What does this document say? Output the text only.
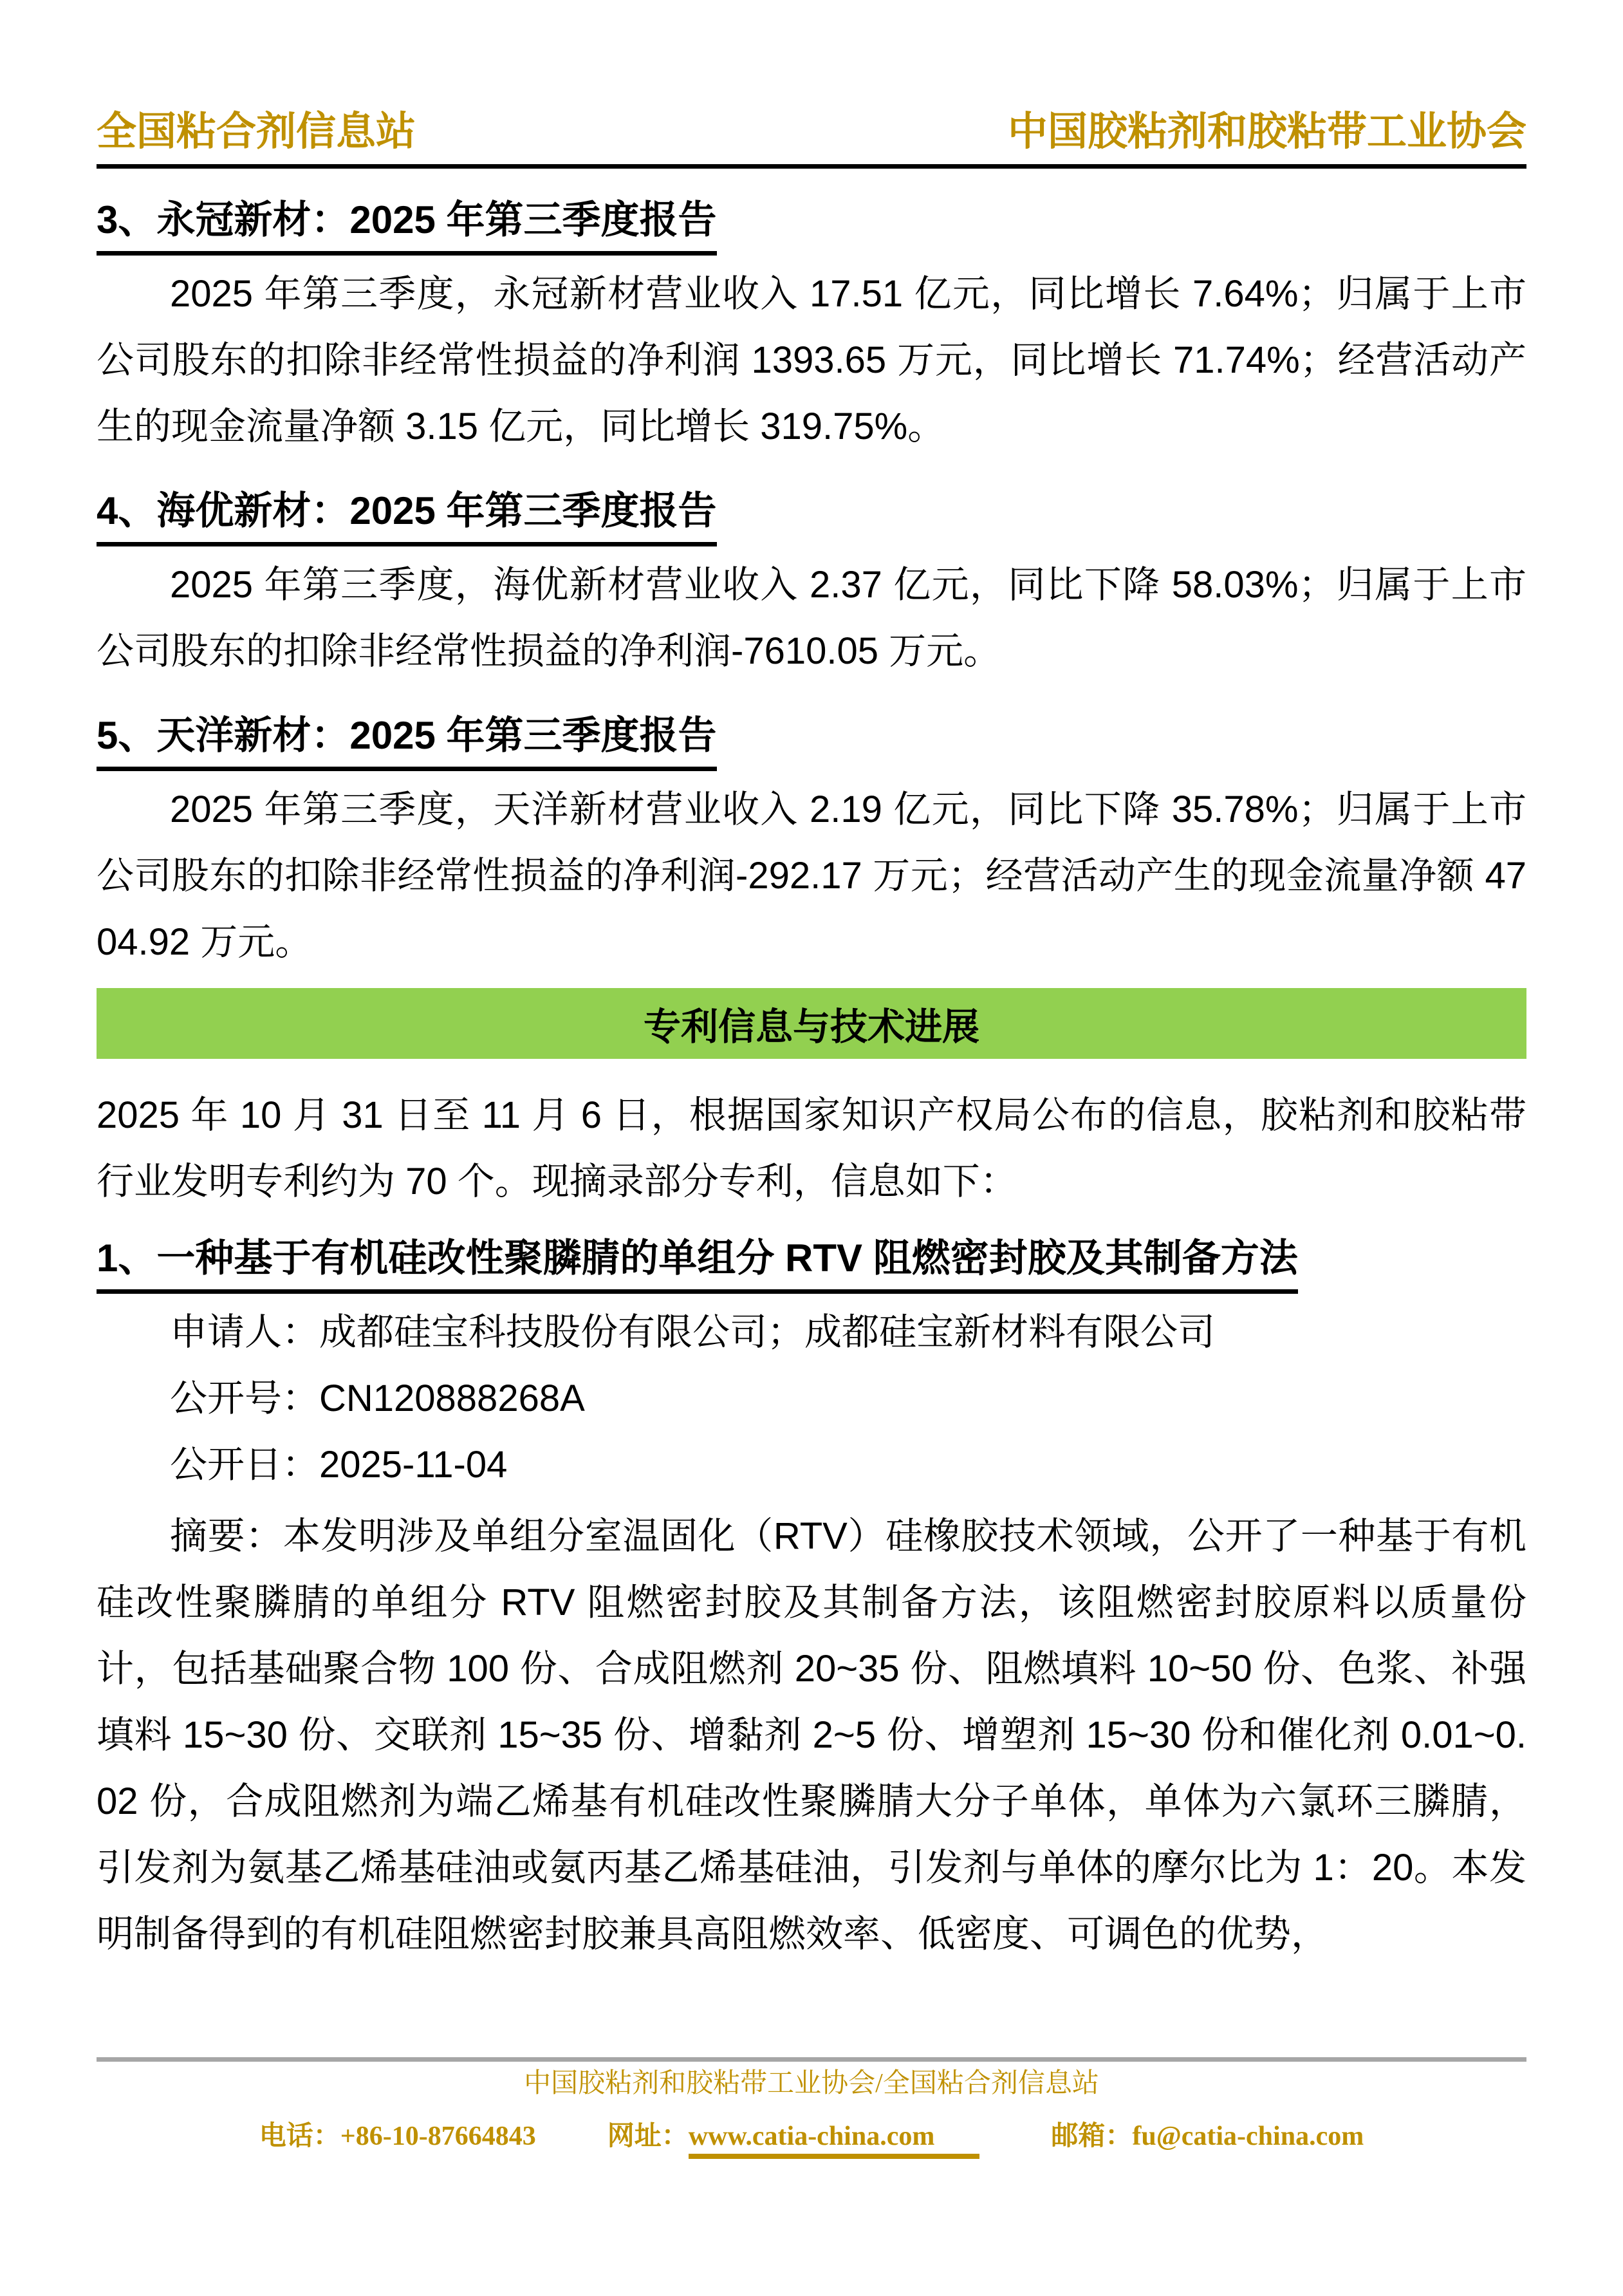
全国粘合剂信息站	中国胶粘剂和胶粘带工业协会
3、永冠新材：2025 年第三季度报告

2025 年第三季度，永冠新材营业收入 17.51 亿元，同比增长 7.64%；归属于上市公司股东的扣除非经常性损益的净利润 1393.65 万元，同比增长 71.74%；经营活动产生的现金流量净额 3.15 亿元，同比增长 319.75%。

4、海优新材：2025 年第三季度报告

2025 年第三季度，海优新材营业收入 2.37 亿元，同比下降 58.03%；归属于上市公司股东的扣除非经常性损益的净利润-7610.05 万元。

5、天洋新材：2025 年第三季度报告

2025 年第三季度，天洋新材营业收入 2.19 亿元，同比下降 35.78%；归属于上市公司股东的扣除非经常性损益的净利润-292.17 万元；经营活动产生的现金流量净额 4704.92 万元。

专利信息与技术进展

2025 年 10 月 31 日至 11 月 6 日，根据国家知识产权局公布的信息，胶粘剂和胶粘带行业发明专利约为 70 个。现摘录部分专利，信息如下：

1、一种基于有机硅改性聚膦腈的单组分 RTV 阻燃密封胶及其制备方法

申请人：成都硅宝科技股份有限公司；成都硅宝新材料有限公司

公开号：CN120888268A

公开日：2025-11-04

摘要：本发明涉及单组分室温固化（RTV）硅橡胶技术领域，公开了一种基于有机硅改性聚膦腈的单组分 RTV 阻燃密封胶及其制备方法，该阻燃密封胶原料以质量份计，包括基础聚合物 100 份、合成阻燃剂 20~35 份、阻燃填料 10~50 份、色浆、补强填料 15~30 份、交联剂 15~35 份、增黏剂 2~5 份、增塑剂 15~30 份和催化剂 0.01~0.02 份，合成阻燃剂为端乙烯基有机硅改性聚膦腈大分子单体，单体为六氯环三膦腈，引发剂为氨基乙烯基硅油或氨丙基乙烯基硅油，引发剂与单体的摩尔比为 1：20。本发明制备得到的有机硅阻燃密封胶兼具高阻燃效率、低密度、可调色的优势，

中国胶粘剂和胶粘带工业协会/全国粘合剂信息站
电话：+86-10-87664843	网址：www.catia-china.com	邮箱：fu@catia-china.com
